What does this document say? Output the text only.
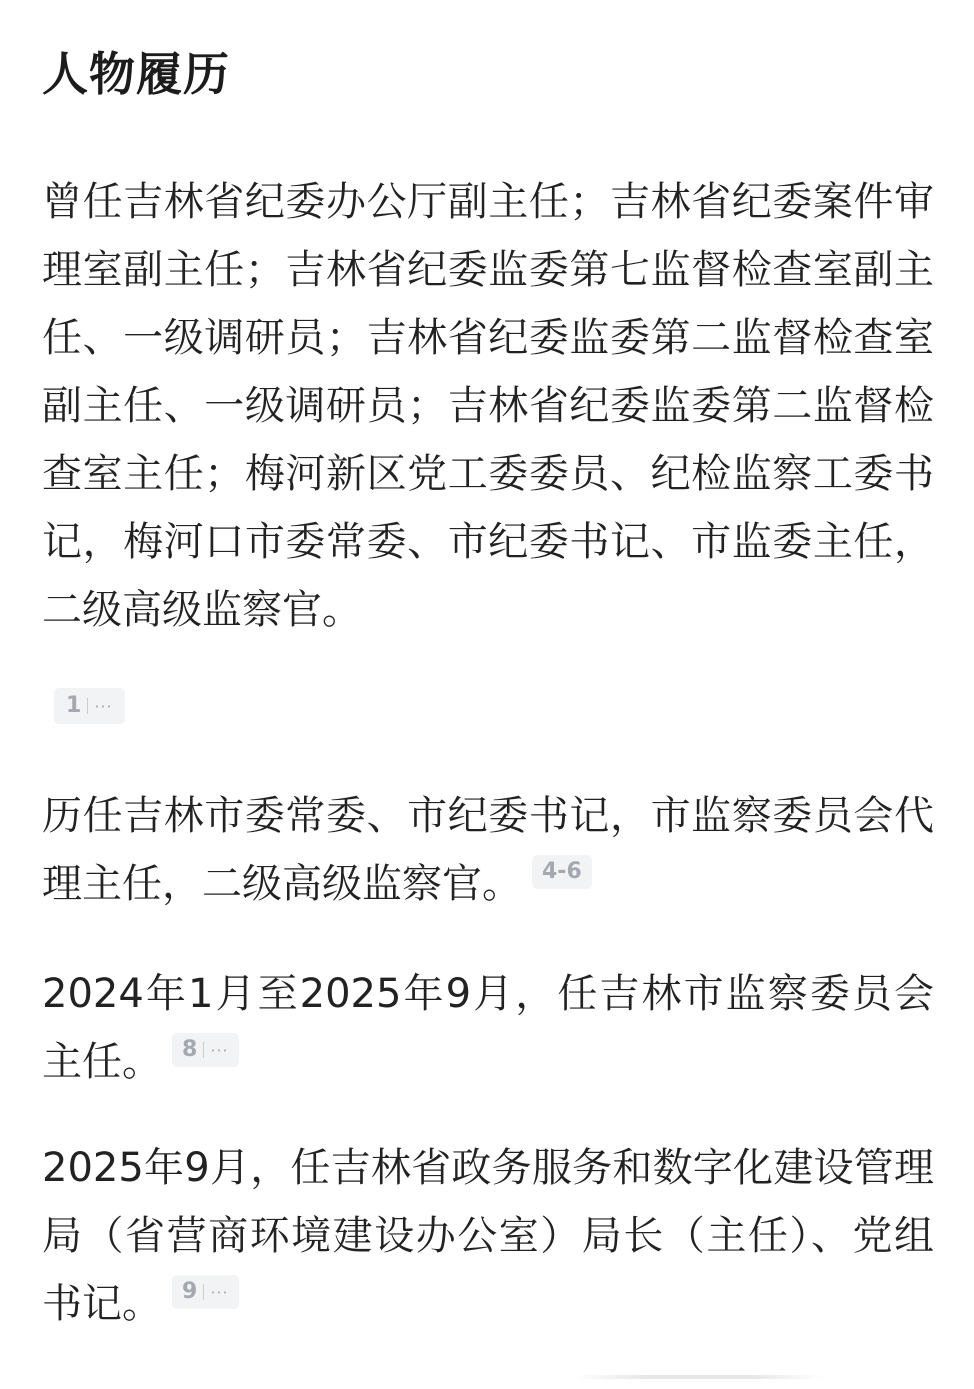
人物履历

曾任吉林省纪委办公厅副主任；吉林省纪委案件审理室副主任；吉林省纪委监委第七监督检查室副主任、一级调研员；吉林省纪委监委第二监督检查室副主任、一级调研员；吉林省纪委监委第二监督检查室主任；梅河新区党工委委员、纪检监察工委书记，梅河口市委常委、市纪委书记、市监委主任，二级高级监察官。

1 ···

历任吉林市委常委、市纪委书记，市监察委员会代理主任，二级高级监察官。 4-6

2024年1月至2025年9月，任吉林市监察委员会主任。 8 ···

2025年9月，任吉林省政务服务和数字化建设管理局（省营商环境建设办公室）局长（主任）、党组书记。 9 ···
